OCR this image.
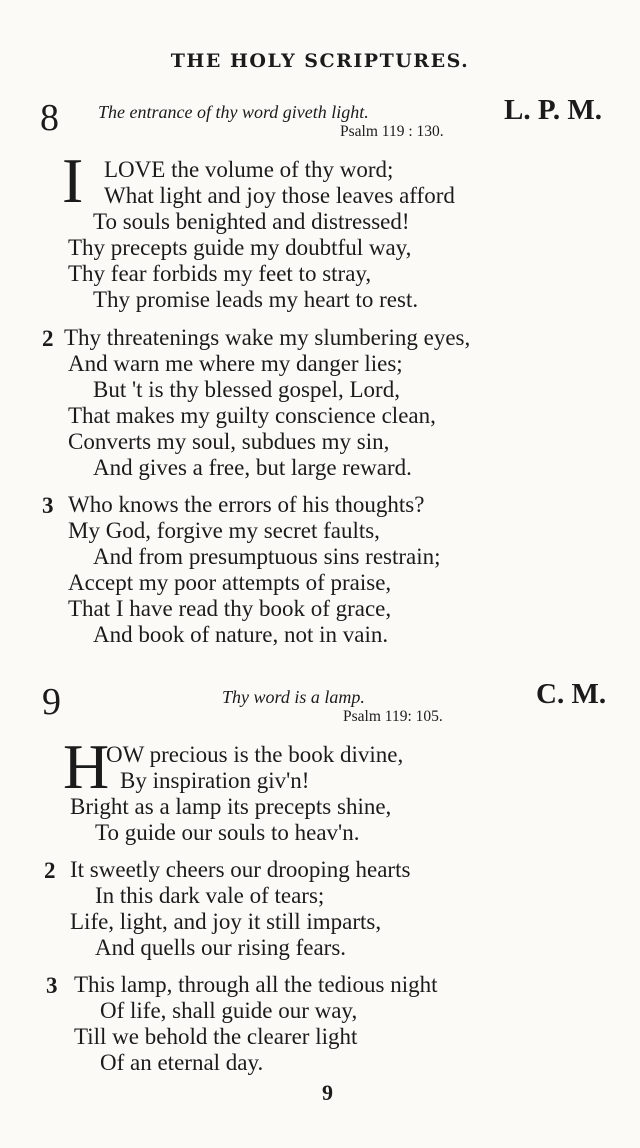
THE HOLY SCRIPTURES.
8 The entrance of thy word giveth light.	L. P. M.
Psalm 119 : 130.
I LOVE the volume of thy word;
What light and joy those leaves afford
To souls benighted and distressed!
Thy precepts guide my doubtful way,
Thy fear forbids my feet to stray,
Thy promise leads my heart to rest.
2 Thy threatenings wake my slumbering eyes,
And warn me where my danger lies;
But 't is thy blessed gospel, Lord,
That makes my guilty conscience clean,
Converts my soul, subdues my sin,
And gives a free, but large reward.
3 Who knows the errors of his thoughts?
My God, forgive my secret faults,
And from presumptuous sins restrain;
Accept my poor attempts of praise,
That I have read thy book of grace,
And book of nature, not in vain.
9	Thy word is a lamp.	C. M.
Psalm 119: 105.
H
OW precious is the book divine,
By inspiration giv'n!
Bright as a lamp its precepts shine,
To guide our souls to heav'n.
2 It sweetly cheers our drooping hearts
In this dark vale of tears;
Life, light, and joy it still imparts,
And quells our rising fears.
3 This lamp, through all the tedious night
Of life, shall guide our way,
Till we behold the clearer light
Of an eternal day.
9
